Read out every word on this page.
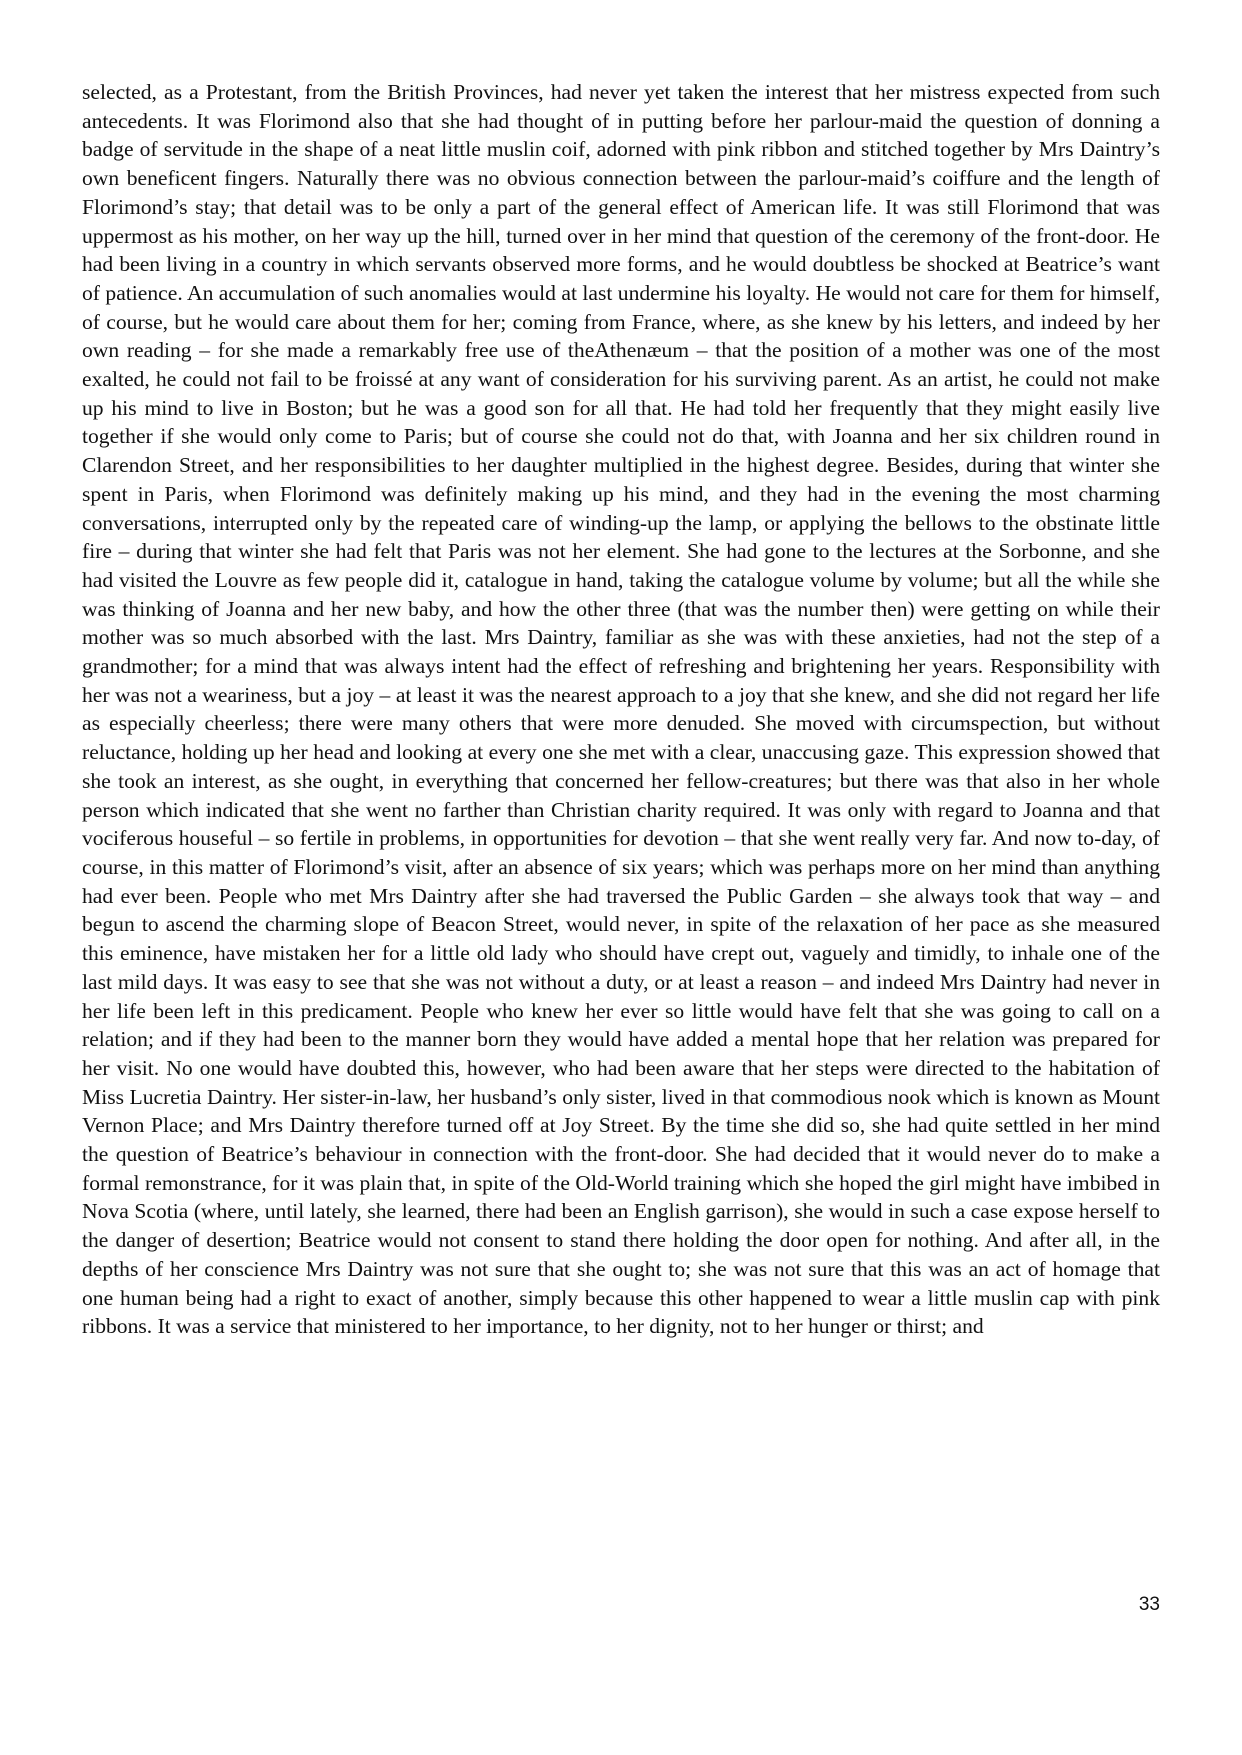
selected, as a Protestant, from the British Provinces, had never yet taken the interest that her mistress expected from such antecedents. It was Florimond also that she had thought of in putting before her parlour-maid the question of donning a badge of servitude in the shape of a neat little muslin coif, adorned with pink ribbon and stitched together by Mrs Daintry’s own beneficent fingers. Naturally there was no obvious connection between the parlour-maid’s coiffure and the length of Florimond’s stay; that detail was to be only a part of the general effect of American life. It was still Florimond that was uppermost as his mother, on her way up the hill, turned over in her mind that question of the ceremony of the front-door. He had been living in a country in which servants observed more forms, and he would doubtless be shocked at Beatrice’s want of patience. An accumulation of such anomalies would at last undermine his loyalty. He would not care for them for himself, of course, but he would care about them for her; coming from France, where, as she knew by his letters, and indeed by her own reading – for she made a remarkably free use of theAthenæum – that the position of a mother was one of the most exalted, he could not fail to be froissé at any want of consideration for his surviving parent. As an artist, he could not make up his mind to live in Boston; but he was a good son for all that. He had told her frequently that they might easily live together if she would only come to Paris; but of course she could not do that, with Joanna and her six children round in Clarendon Street, and her responsibilities to her daughter multiplied in the highest degree. Besides, during that winter she spent in Paris, when Florimond was definitely making up his mind, and they had in the evening the most charming conversations, interrupted only by the repeated care of winding-up the lamp, or applying the bellows to the obstinate little fire – during that winter she had felt that Paris was not her element. She had gone to the lectures at the Sorbonne, and she had visited the Louvre as few people did it, catalogue in hand, taking the catalogue volume by volume; but all the while she was thinking of Joanna and her new baby, and how the other three (that was the number then) were getting on while their mother was so much absorbed with the last. Mrs Daintry, familiar as she was with these anxieties, had not the step of a grandmother; for a mind that was always intent had the effect of refreshing and brightening her years. Responsibility with her was not a weariness, but a joy – at least it was the nearest approach to a joy that she knew, and she did not regard her life as especially cheerless; there were many others that were more denuded. She moved with circumspection, but without reluctance, holding up her head and looking at every one she met with a clear, unaccusing gaze. This expression showed that she took an interest, as she ought, in everything that concerned her fellow-creatures; but there was that also in her whole person which indicated that she went no farther than Christian charity required. It was only with regard to Joanna and that vociferous houseful – so fertile in problems, in opportunities for devotion – that she went really very far. And now to-day, of course, in this matter of Florimond’s visit, after an absence of six years; which was perhaps more on her mind than anything had ever been. People who met Mrs Daintry after she had traversed the Public Garden – she always took that way – and begun to ascend the charming slope of Beacon Street, would never, in spite of the relaxation of her pace as she measured this eminence, have mistaken her for a little old lady who should have crept out, vaguely and timidly, to inhale one of the last mild days. It was easy to see that she was not without a duty, or at least a reason – and indeed Mrs Daintry had never in her life been left in this predicament. People who knew her ever so little would have felt that she was going to call on a relation; and if they had been to the manner born they would have added a mental hope that her relation was prepared for her visit. No one would have doubted this, however, who had been aware that her steps were directed to the habitation of Miss Lucretia Daintry. Her sister-in-law, her husband’s only sister, lived in that commodious nook which is known as Mount Vernon Place; and Mrs Daintry therefore turned off at Joy Street. By the time she did so, she had quite settled in her mind the question of Beatrice’s behaviour in connection with the front-door. She had decided that it would never do to make a formal remonstrance, for it was plain that, in spite of the Old-World training which she hoped the girl might have imbibed in Nova Scotia (where, until lately, she learned, there had been an English garrison), she would in such a case expose herself to the danger of desertion; Beatrice would not consent to stand there holding the door open for nothing. And after all, in the depths of her conscience Mrs Daintry was not sure that she ought to; she was not sure that this was an act of homage that one human being had a right to exact of another, simply because this other happened to wear a little muslin cap with pink ribbons. It was a service that ministered to her importance, to her dignity, not to her hunger or thirst; and

33
